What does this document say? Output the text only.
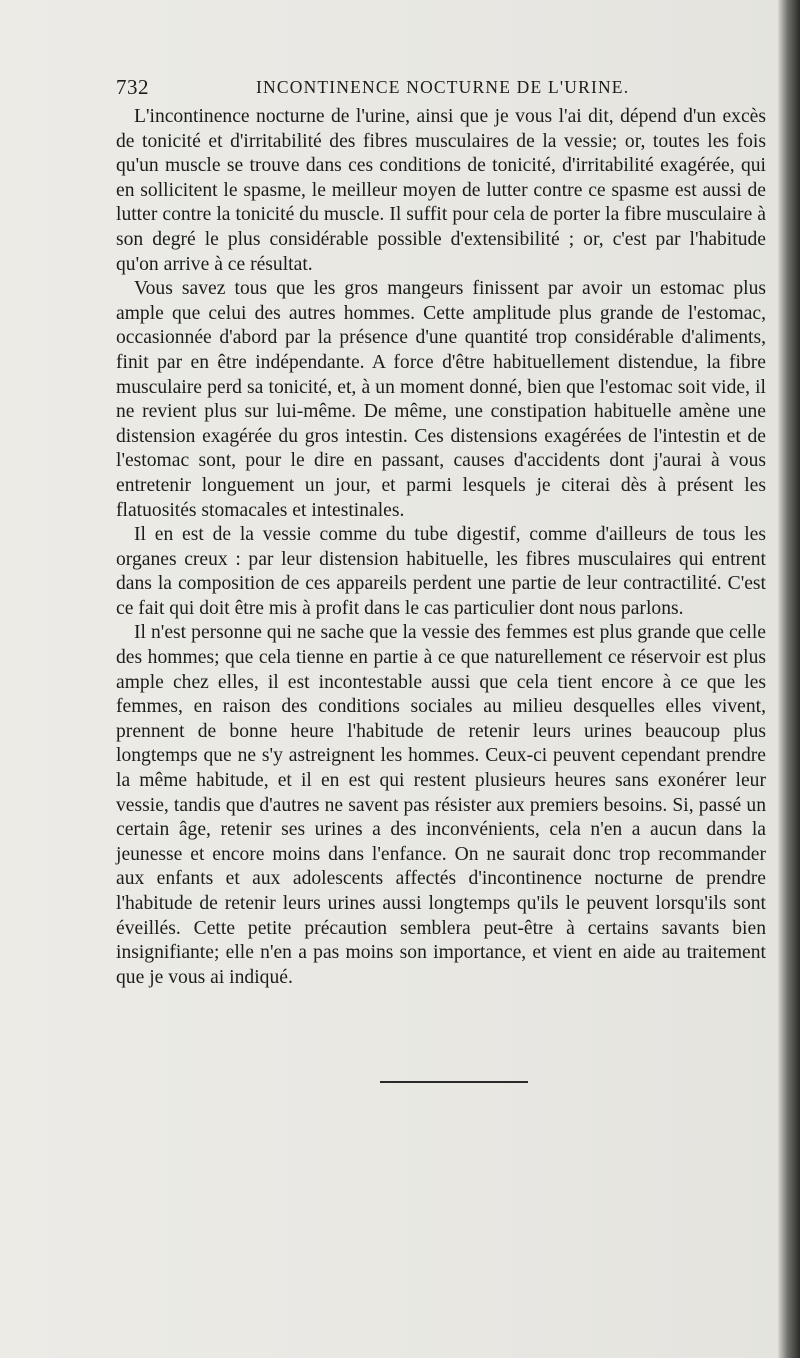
732	INCONTINENCE NOCTURNE DE L'URINE.

L'incontinence nocturne de l'urine, ainsi que je vous l'ai dit, dépend d'un excès de tonicité et d'irritabilité des fibres musculaires de la vessie; or, toutes les fois qu'un muscle se trouve dans ces conditions de tonicité, d'irritabilité exagérée, qui en sollicitent le spasme, le meilleur moyen de lutter contre ce spasme est aussi de lutter contre la tonicité du muscle. Il suffit pour cela de porter la fibre musculaire à son degré le plus considérable possible d'extensibilité ; or, c'est par l'habitude qu'on arrive à ce résultat.

Vous savez tous que les gros mangeurs finissent par avoir un estomac plus ample que celui des autres hommes. Cette amplitude plus grande de l'estomac, occasionnée d'abord par la présence d'une quantité trop considérable d'aliments, finit par en être indépendante. A force d'être habituellement distendue, la fibre musculaire perd sa tonicité, et, à un moment donné, bien que l'estomac soit vide, il ne revient plus sur lui-même. De même, une constipation habituelle amène une distension exagérée du gros intestin. Ces distensions exagérées de l'intestin et de l'estomac sont, pour le dire en passant, causes d'accidents dont j'aurai à vous entretenir longuement un jour, et parmi lesquels je citerai dès à présent les flatuosités stomacales et intestinales.

Il en est de la vessie comme du tube digestif, comme d'ailleurs de tous les organes creux : par leur distension habituelle, les fibres musculaires qui entrent dans la composition de ces appareils perdent une partie de leur contractilité. C'est ce fait qui doit être mis à profit dans le cas particulier dont nous parlons.

Il n'est personne qui ne sache que la vessie des femmes est plus grande que celle des hommes; que cela tienne en partie à ce que naturellement ce réservoir est plus ample chez elles, il est incontestable aussi que cela tient encore à ce que les femmes, en raison des conditions sociales au milieu desquelles elles vivent, prennent de bonne heure l'habitude de retenir leurs urines beaucoup plus longtemps que ne s'y astreignent les hommes. Ceux-ci peuvent cependant prendre la même habitude, et il en est qui restent plusieurs heures sans exonérer leur vessie, tandis que d'autres ne savent pas résister aux premiers besoins. Si, passé un certain âge, retenir ses urines a des inconvénients, cela n'en a aucun dans la jeunesse et encore moins dans l'enfance. On ne saurait donc trop recommander aux enfants et aux adolescents affectés d'incontinence nocturne de prendre l'habitude de retenir leurs urines aussi longtemps qu'ils le peuvent lorsqu'ils sont éveillés. Cette petite précaution semblera peut-être à certains savants bien insignifiante; elle n'en a pas moins son importance, et vient en aide au traitement que je vous ai indiqué.
